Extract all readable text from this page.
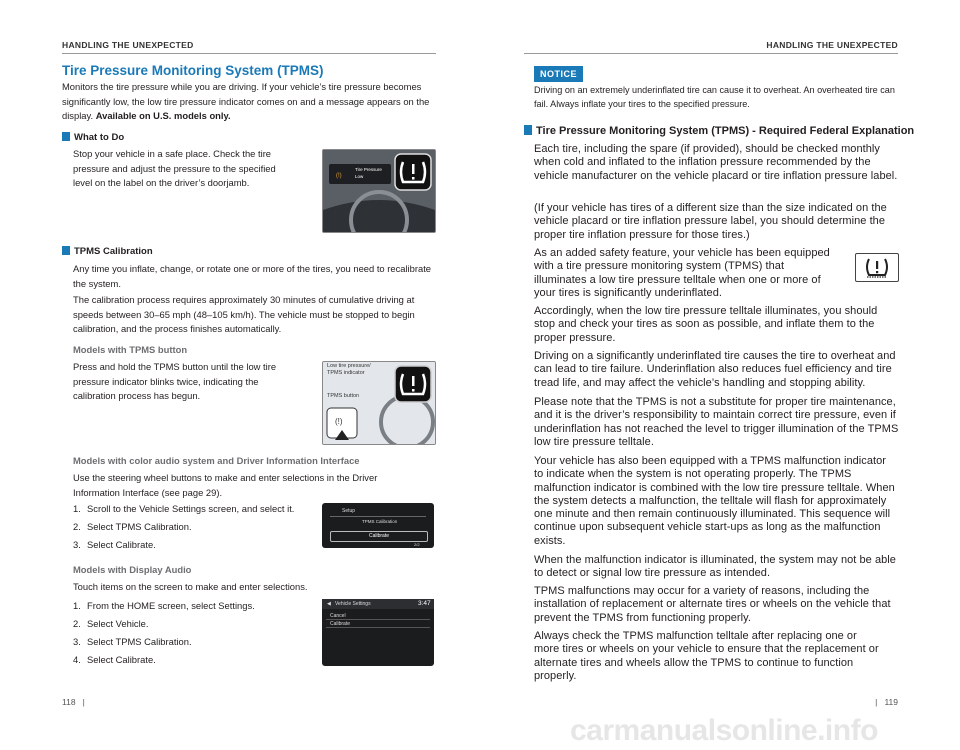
HANDLING THE UNEXPECTED
Tire Pressure Monitoring System (TPMS)
Monitors the tire pressure while you are driving. If your vehicle’s tire pressure becomes significantly low, the low tire pressure indicator comes on and a message appears on the display. Available on U.S. models only.
What to Do
Stop your vehicle in a safe place. Check the tire pressure and adjust the pressure to the specified level on the label on the driver’s doorjamb.
(!)
Tire Pressure
Low
TPMS Calibration
Any time you inflate, change, or rotate one or more of the tires, you need to recalibrate the system.
The calibration process requires approximately 30 minutes of cumulative driving at speeds between 30–65 mph (48–105 km/h). The vehicle must be stopped to begin calibration, and the process finishes automatically.
Models with TPMS button
Press and hold the TPMS button until the low tire pressure indicator blinks twice, indicating the calibration process has begun.
(!)
Low tire pressure/ TPMS indicator
TPMS button
Models with color audio system and Driver Information Interface
Use the steering wheel buttons to make and enter selections in the Driver Information Interface (see page 29).
1. Scroll to the Vehicle Settings screen, and select it.
2. Select TPMS Calibration.
3. Select Calibrate.
Setup
TPMS Calibration
Calibrate
2/2
Models with Display Audio
Touch items on the screen to make and enter selections.
1. From the HOME screen, select Settings.
2. Select Vehicle.
3. Select TPMS Calibration.
4. Select Calibrate.
◀ Vehicle Settings	3:47
Cancel
Calibrate
118   |
HANDLING THE UNEXPECTED
NOTICE
Driving on an extremely underinflated tire can cause it to overheat. An overheated tire can fail. Always inflate your tires to the specified pressure.
Tire Pressure Monitoring System (TPMS) - Required Federal Explanation
Each tire, including the spare (if provided), should be checked monthly when cold and inflated to the inflation pressure recommended by the vehicle manufacturer on the vehicle placard or tire inflation pressure label.
(If your vehicle has tires of a different size than the size indicated on the vehicle placard or tire inflation pressure label, you should determine the proper tire inflation pressure for those tires.)
As an added safety feature, your vehicle has been equipped with a tire pressure monitoring system (TPMS) that illuminates a low tire pressure telltale when one or more of your tires is significantly underinflated.
Accordingly, when the low tire pressure telltale illuminates, you should stop and check your tires as soon as possible, and inflate them to the proper pressure.
Driving on a significantly underinflated tire causes the tire to overheat and can lead to tire failure. Underinflation also reduces fuel efficiency and tire tread life, and may affect the vehicle’s handling and stopping ability.
Please note that the TPMS is not a substitute for proper tire maintenance, and it is the driver’s responsibility to maintain correct tire pressure, even if underinflation has not reached the level to trigger illumination of the TPMS low tire pressure telltale.
Your vehicle has also been equipped with a TPMS malfunction indicator to indicate when the system is not operating properly. The TPMS malfunction indicator is combined with the low tire pressure telltale. When the system detects a malfunction, the telltale will flash for approximately one minute and then remain continuously illuminated. This sequence will continue upon subsequent vehicle start-ups as long as the malfunction exists.
When the malfunction indicator is illuminated, the system may not be able to detect or signal low tire pressure as intended.
TPMS malfunctions may occur for a variety of reasons, including the installation of replacement or alternate tires or wheels on the vehicle that prevent the TPMS from functioning properly.
Always check the TPMS malfunction telltale after replacing one or more tires or wheels on your vehicle to ensure that the replacement or alternate tires and wheels allow the TPMS to continue to function properly.
|   119
carmanualsonline.info
